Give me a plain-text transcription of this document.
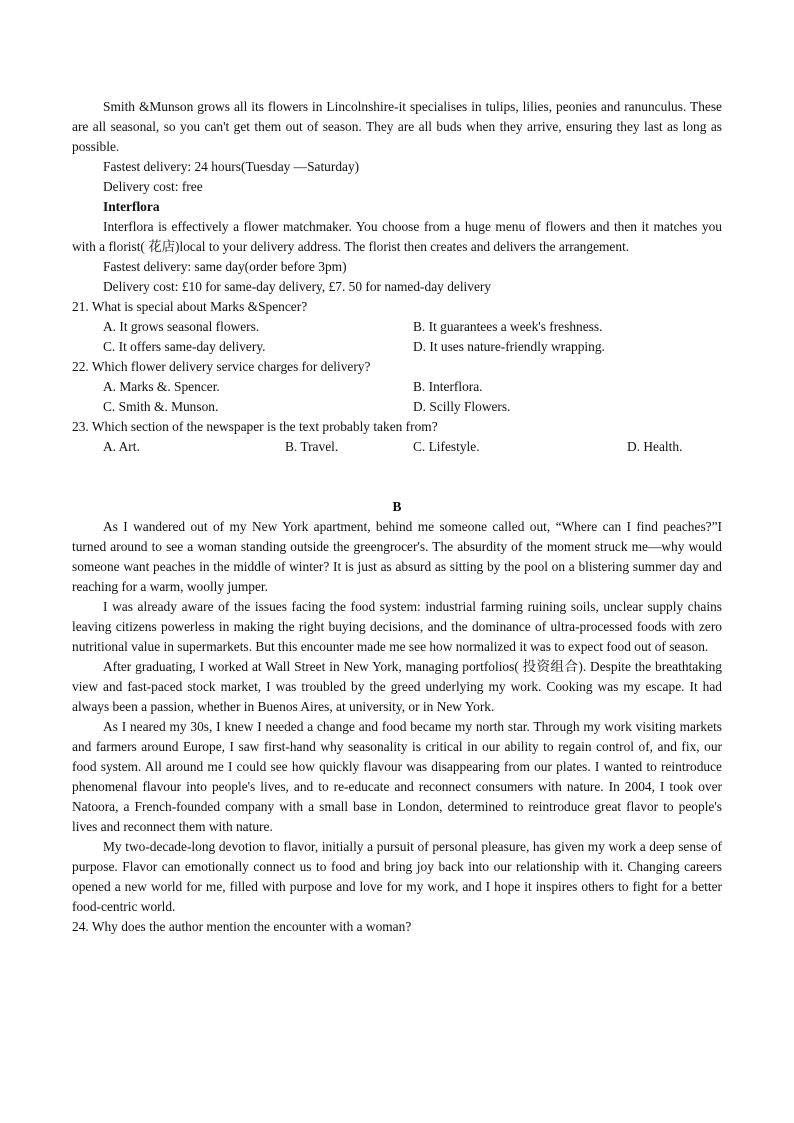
Smith &Munson grows all its flowers in Lincolnshire-it specialises in tulips, lilies, peonies and ranunculus. These are all seasonal, so you can't get them out of season. They are all buds when they arrive, ensuring they last as long as possible.

Fastest delivery: 24 hours(Tuesday —Saturday)
Delivery cost: free
Interflora

Interflora is effectively a flower matchmaker. You choose from a huge menu of flowers and then it matches you with a florist( 花店)local to your delivery address. The florist then creates and delivers the arrangement.

Fastest delivery: same day(order before 3pm)
Delivery cost: £10 for same-day delivery, £7. 50 for named-day delivery
21. What is special about Marks &Spencer?
A. It grows seasonal flowers.	B. It guarantees a week's freshness.
C. It offers same-day delivery.	D. It uses nature-friendly wrapping.
22. Which flower delivery service charges for delivery?
A. Marks &. Spencer.	B. Interflora.
C. Smith &. Munson.	D. Scilly Flowers.
23. Which section of the newspaper is the text probably taken from?
A. Art.	B. Travel.	C. Lifestyle.	D. Health.

B

As I wandered out of my New York apartment, behind me someone called out, “Where can I find peaches?”I turned around to see a woman standing outside the greengrocer's. The absurdity of the moment struck me—why would someone want peaches in the middle of winter? It is just as absurd as sitting by the pool on a blistering summer day and reaching for a warm, woolly jumper.

I was already aware of the issues facing the food system: industrial farming ruining soils, unclear supply chains leaving citizens powerless in making the right buying decisions, and the dominance of ultra-processed foods with zero nutritional value in supermarkets. But this encounter made me see how normalized it was to expect food out of season.

After graduating, I worked at Wall Street in New York, managing portfolios( 投资组合). Despite the breathtaking view and fast-paced stock market, I was troubled by the greed underlying my work. Cooking was my escape. It had always been a passion, whether in Buenos Aires, at university, or in New York.

As I neared my 30s, I knew I needed a change and food became my north star. Through my work visiting markets and farmers around Europe, I saw first-hand why seasonality is critical in our ability to regain control of, and fix, our food system. All around me I could see how quickly flavour was disappearing from our plates. I wanted to reintroduce phenomenal flavour into people's lives, and to re-educate and reconnect consumers with nature. In 2004, I took over Natoora, a French-founded company with a small base in London, determined to reintroduce great flavor to people's lives and reconnect them with nature.

My two-decade-long devotion to flavor, initially a pursuit of personal pleasure, has given my work a deep sense of purpose. Flavor can emotionally connect us to food and bring joy back into our relationship with it. Changing careers opened a new world for me, filled with purpose and love for my work, and I hope it inspires others to fight for a better food-centric world.

24. Why does the author mention the encounter with a woman?
